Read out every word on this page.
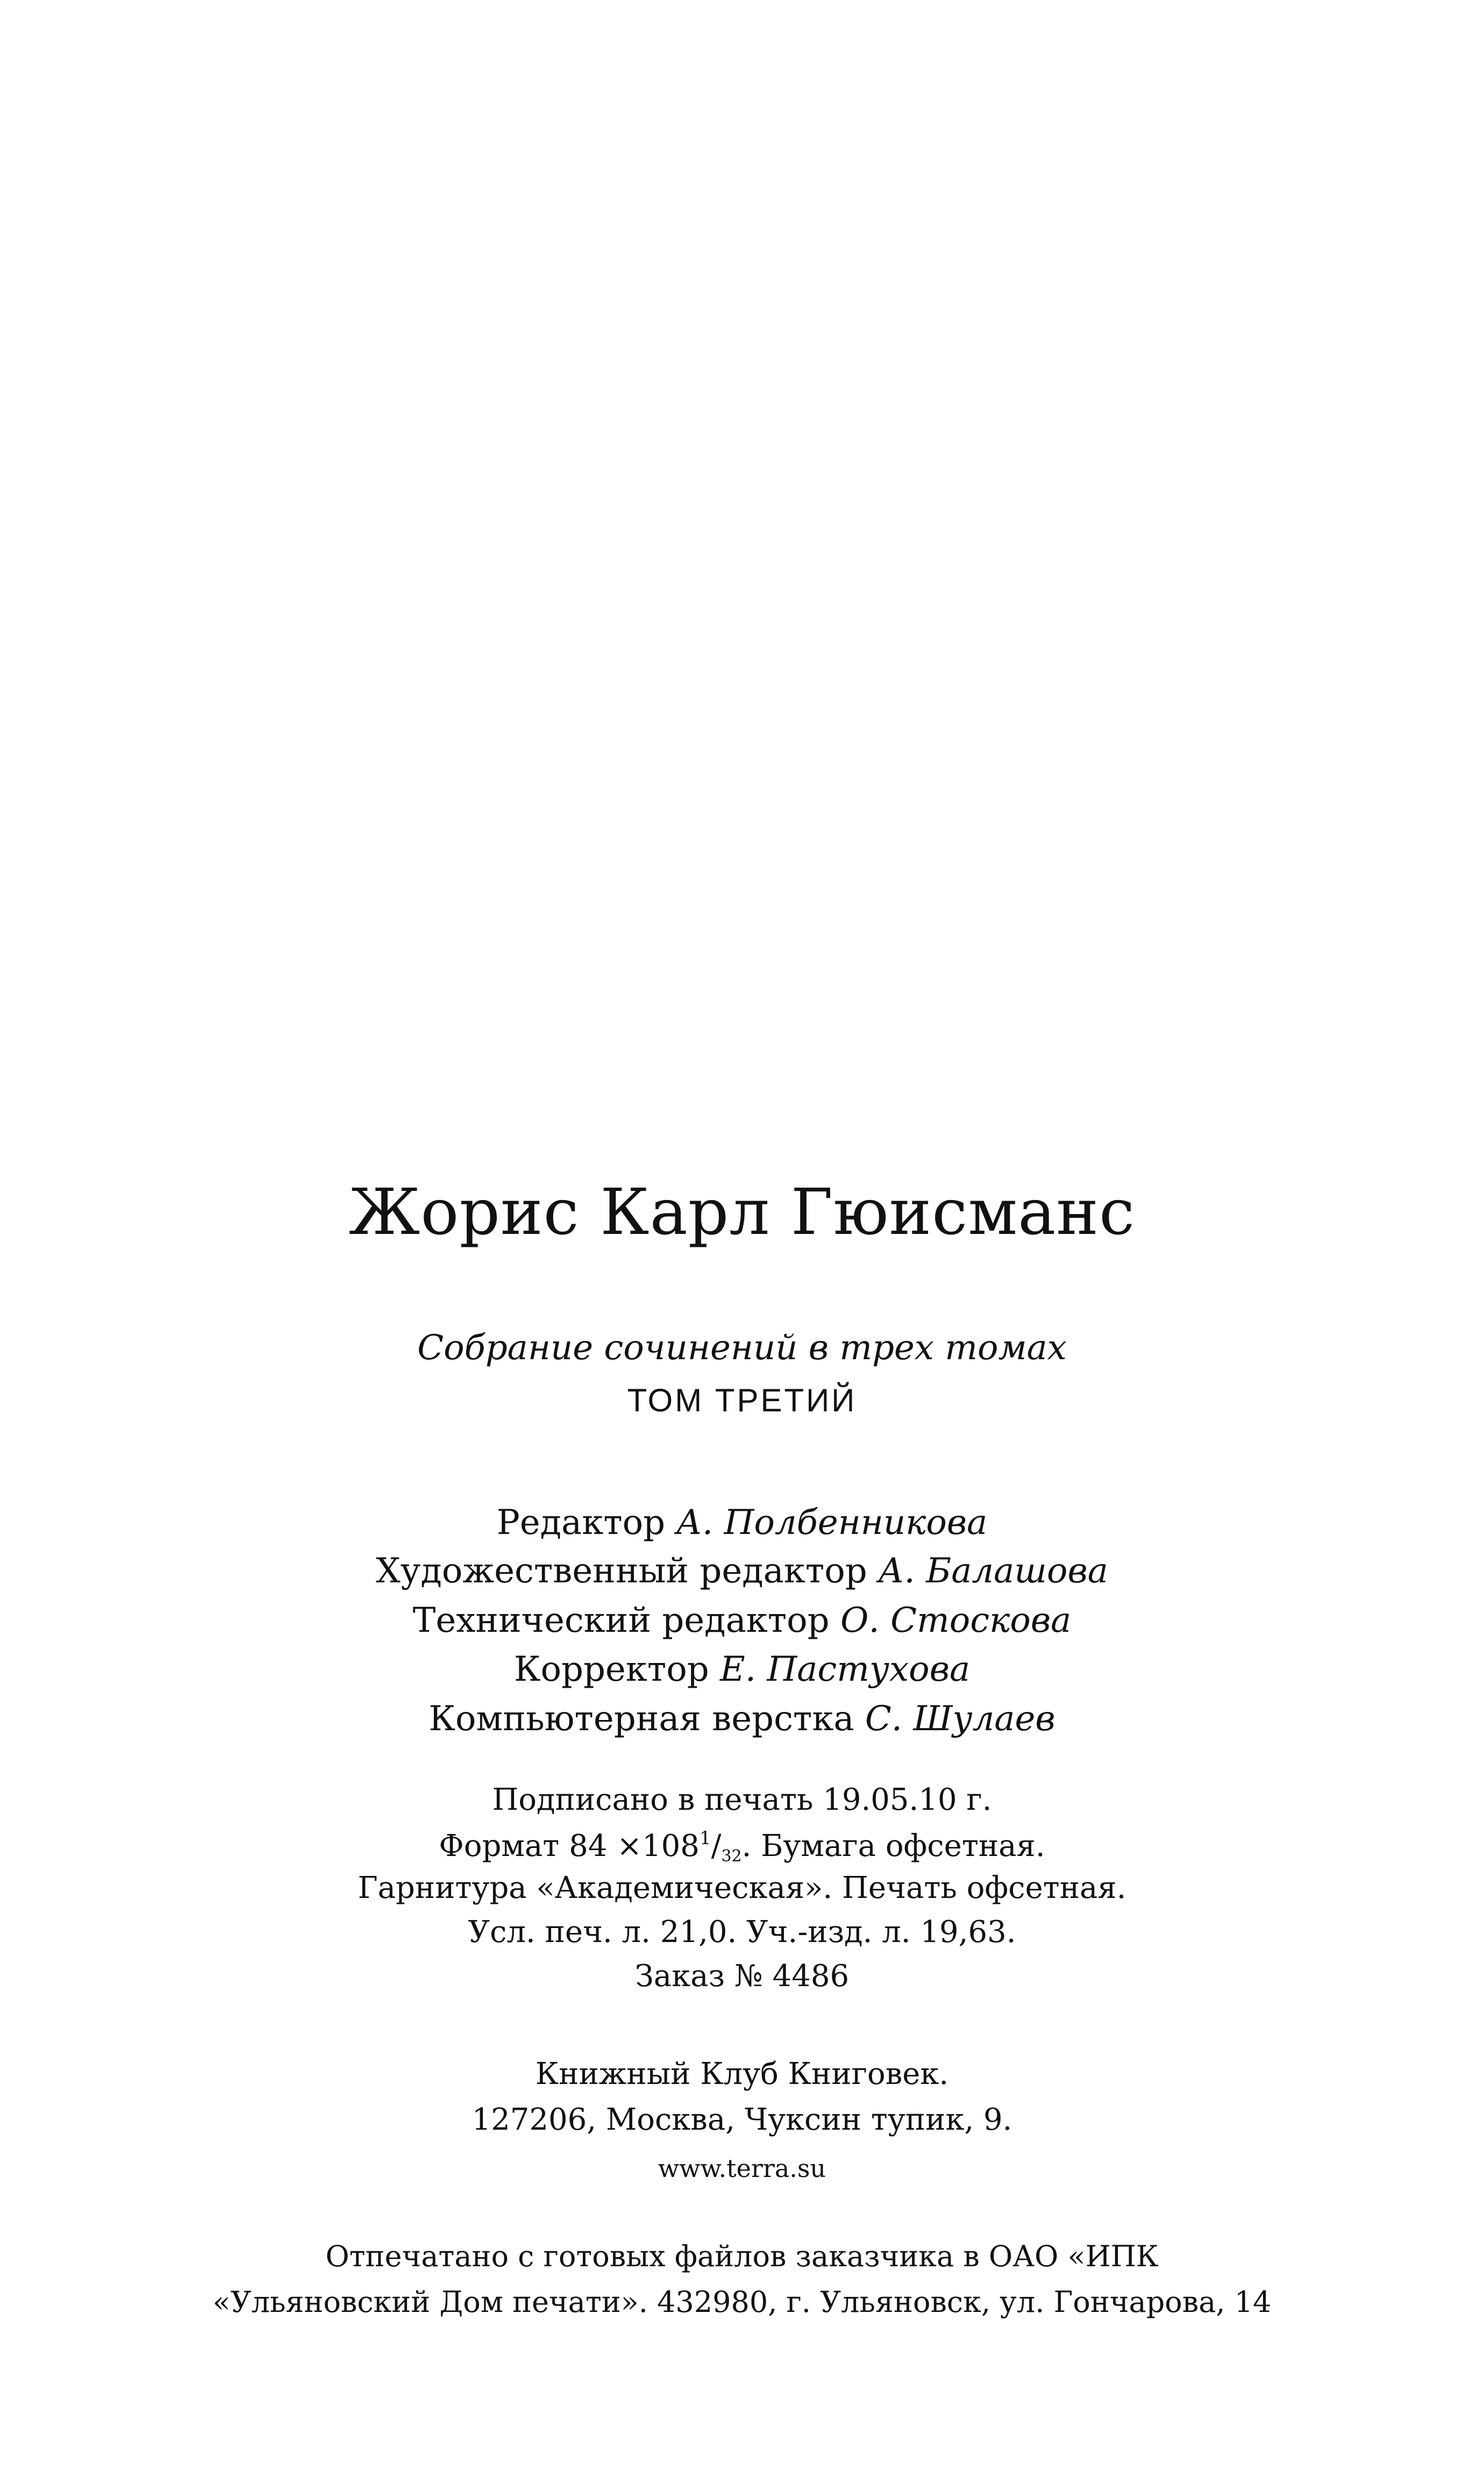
Жорис Карл Гюисманс
Собрание сочинений в трех томах
ТОМ ТРЕТИЙ
Редактор А. Полбенникова
Художественный редактор А. Балашова
Технический редактор О. Стоскова
Корректор Е. Пастухова
Компьютерная верстка С. Шулаев
Подписано в печать 19.05.10 г.
Формат $84 \times 108^1/32$. Бумага офсетная.
Гарнитура «Академическая». Печать офсетная.
Усл. печ. л. 21,0. Уч.-изд. л. 19,63.
Заказ № 4486
Книжный Клуб Книговек.
127206, Москва, Чуксин тупик, 9.
www.terra.su
Отпечатано с готовых файлов заказчика в ОАО «ИПК
«Ульяновский Дом печати». 432980, г. Ульяновск, ул. Гончарова, 14
